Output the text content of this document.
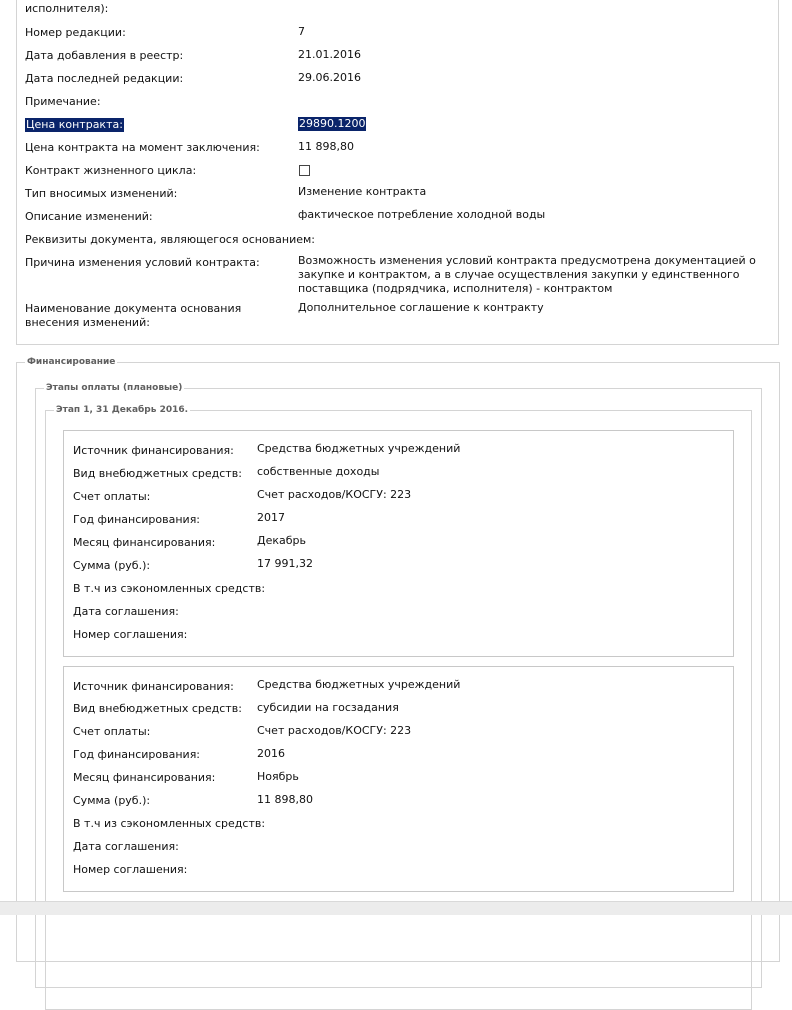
исполнителя):
Номер редакции:	7
Дата добавления в реестр:	21.01.2016
Дата последней редакции:	29.06.2016
Примечание:
Цена контракта:	29890.1200
Цена контракта на момент заключения:	11 898,80
Контракт жизненного цикла:
Тип вносимых изменений:	Изменение контракта
Описание изменений:	фактическое потребление холодной воды
Реквизиты документа, являющегося основанием:
Причина изменения условий контракта:	Возможность изменения условий контракта предусмотрена документацией о закупке и контрактом, а в случае осуществления закупки у единственного поставщика (подрядчика, исполнителя) - контрактом
Наименование документа основания внесения изменений:
Дополнительное соглашение к контракту
Финансирование
Этапы оплаты (плановые)
Этап 1, 31 Декабрь 2016.
Источник финансирования: Средства бюджетных учреждений
Вид внебюджетных средств: собственные доходы
Счет оплаты:	Счет расходов/КОСГУ: 223
Год финансирования:	2017
Месяц финансирования:	Декабрь
Сумма (руб.):	17 991,32
В т.ч из сэкономленных средств:
Дата соглашения:
Номер соглашения:
Источник финансирования: Средства бюджетных учреждений
Вид внебюджетных средств: субсидии на госзадания
Счет оплаты:	Счет расходов/КОСГУ: 223
Год финансирования:	2016
Месяц финансирования:	Ноябрь
Сумма (руб.):	11 898,80
В т.ч из сэкономленных средств:
Дата соглашения:
Номер соглашения:
